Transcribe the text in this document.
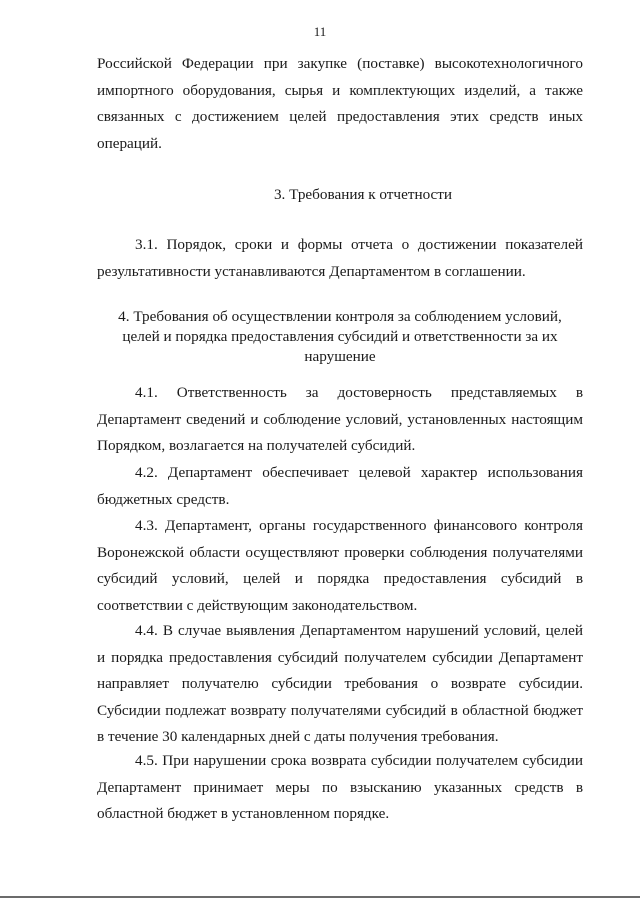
11
Российской Федерации при закупке (поставке) высокотехнологичного
импортного оборудования, сырья и комплектующих изделий, а также
связанных с достижением целей предоставления этих средств иных
операций.
3. Требования к отчетности
3.1. Порядок, сроки и формы отчета о достижении показателей
результативности устанавливаются Департаментом в соглашении.
4. Требования об осуществлении контроля за соблюдением условий,
целей и порядка предоставления субсидий и ответственности за их
нарушение
4.1. Ответственность за достоверность представляемых в
Департамент сведений и соблюдение условий, установленных настоящим
Порядком, возлагается на получателей субсидий.
4.2. Департамент обеспечивает целевой характер использования
бюджетных средств.
4.3. Департамент, органы государственного финансового контроля
Воронежской области осуществляют проверки соблюдения получателями
субсидий условий, целей и порядка предоставления субсидий в
соответствии с действующим законодательством.
4.4. В случае выявления Департаментом нарушений условий, целей
и порядка предоставления субсидий получателем субсидии Департамент
направляет получателю субсидии требования о возврате субсидии.
Субсидии подлежат возврату получателями субсидий в областной бюджет
в течение 30 календарных дней с даты получения требования.
4.5. При нарушении срока возврата субсидии получателем субсидии
Департамент принимает меры по взысканию указанных средств в
областной бюджет в установленном порядке.
